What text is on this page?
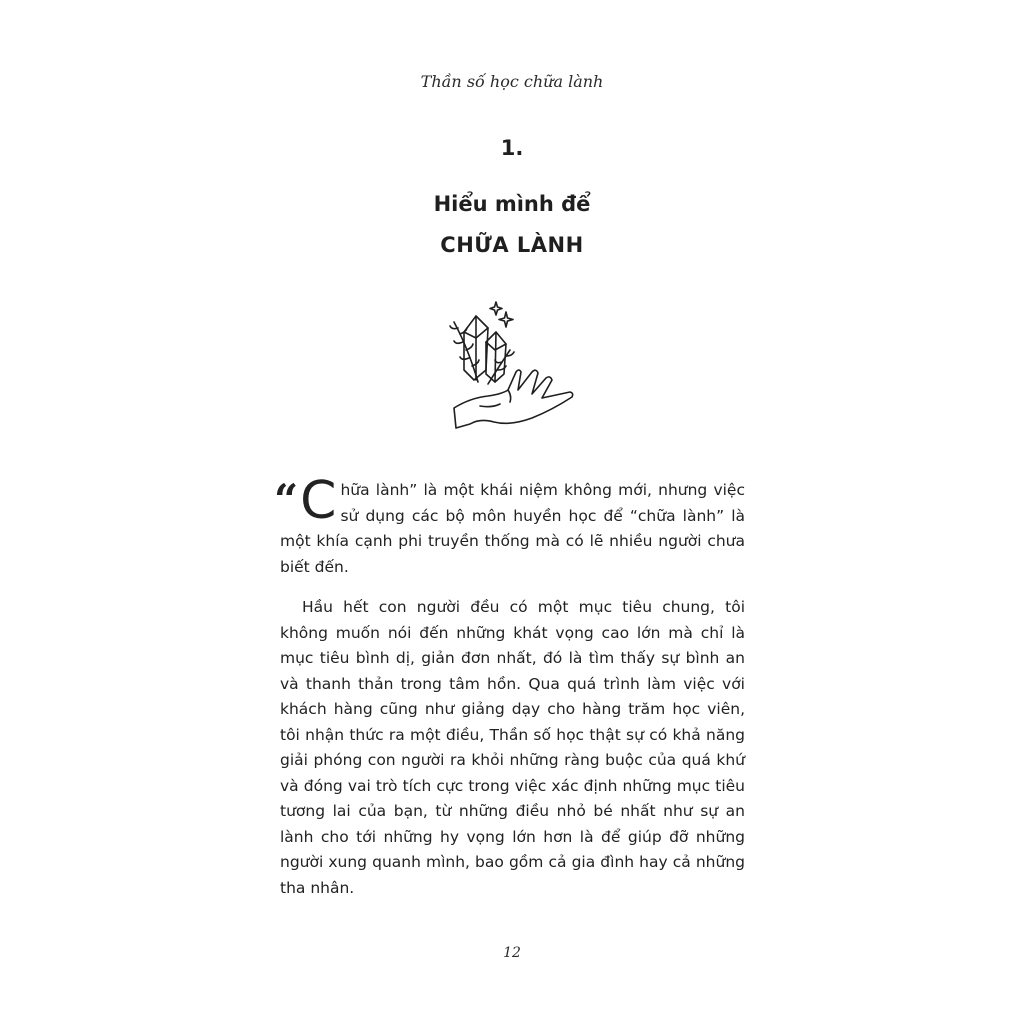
Thần số học chữa lành
1.
Hiểu mình để
CHỮA LÀNH
“ C hữa lành” là một khái niệm không mới, nhưng việc sử dụng các bộ môn huyền học để “chữa lành” là một khía cạnh phi truyền thống mà có lẽ nhiều người chưa biết đến.
Hầu hết con người đều có một mục tiêu chung, tôi không muốn nói đến những khát vọng cao lớn mà chỉ là mục tiêu bình dị, giản đơn nhất, đó là tìm thấy sự bình an và thanh thản trong tâm hồn. Qua quá trình làm việc với khách hàng cũng như giảng dạy cho hàng trăm học viên, tôi nhận thức ra một điều, Thần số học thật sự có khả năng giải phóng con người ra khỏi những ràng buộc của quá khứ và đóng vai trò tích cực trong việc xác định những mục tiêu tương lai của bạn, từ những điều nhỏ bé nhất như sự an lành cho tới những hy vọng lớn hơn là để giúp đỡ những người xung quanh mình, bao gồm cả gia đình hay cả những tha nhân.
12
